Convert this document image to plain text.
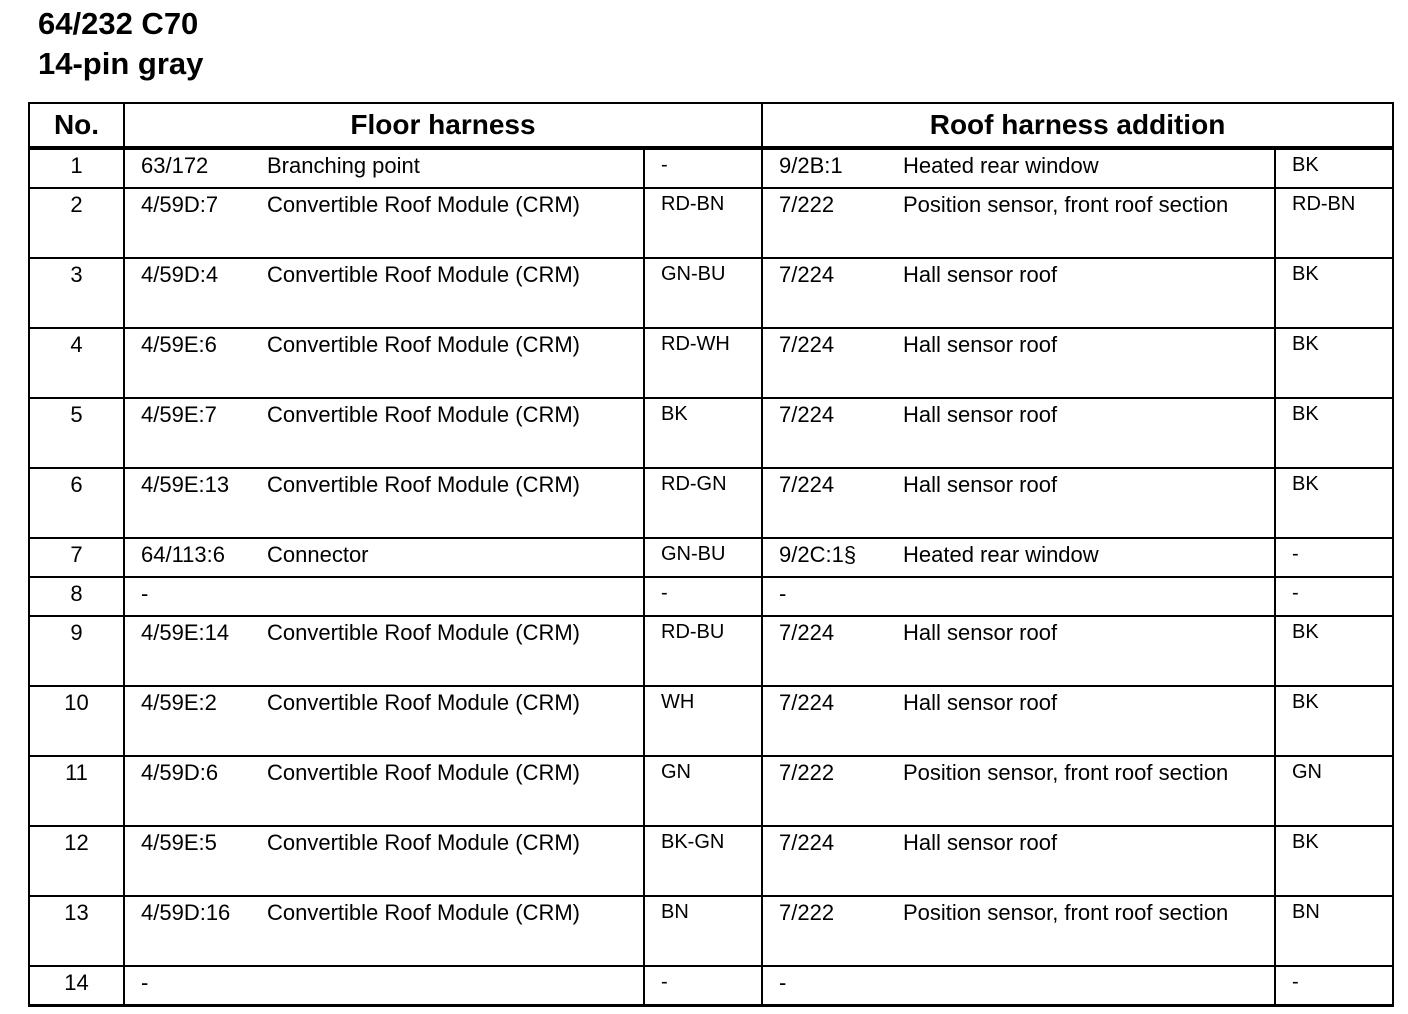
64/232 C70
14-pin gray
No.	Floor harness			Roof harness addition		
1	63/172	Branching point	-	9/2B:1	Heated rear window	BK
2	4/59D:7	Convertible Roof Module (CRM)	RD-BN	7/222	Position sensor, front roof section	RD-BN
3	4/59D:4	Convertible Roof Module (CRM)	GN-BU	7/224	Hall sensor roof	BK
4	4/59E:6	Convertible Roof Module (CRM)	RD-WH	7/224	Hall sensor roof	BK
5	4/59E:7	Convertible Roof Module (CRM)	BK	7/224	Hall sensor roof	BK
6	4/59E:13	Convertible Roof Module (CRM)	RD-GN	7/224	Hall sensor roof	BK
7	64/113:6	Connector	GN-BU	9/2C:1§	Heated rear window	-
8	-		-	-		-
9	4/59E:14	Convertible Roof Module (CRM)	RD-BU	7/224	Hall sensor roof	BK
10	4/59E:2	Convertible Roof Module (CRM)	WH	7/224	Hall sensor roof	BK
11	4/59D:6	Convertible Roof Module (CRM)	GN	7/222	Position sensor, front roof section	GN
12	4/59E:5	Convertible Roof Module (CRM)	BK-GN	7/224	Hall sensor roof	BK
13	4/59D:16	Convertible Roof Module (CRM)	BN	7/222	Position sensor, front roof section	BN
14	-		-	-		-
